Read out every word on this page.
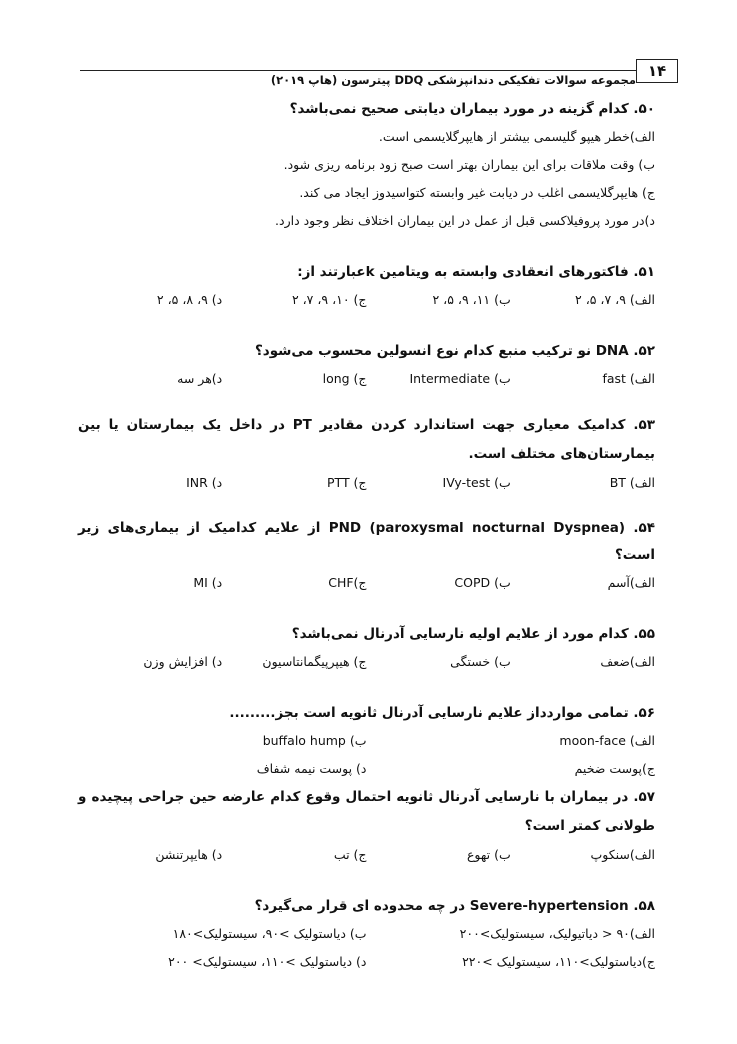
۱۴
مجموعه سوالات تفکیکی دندانپزشکی DDQ پیترسون (هاپ ۲۰۱۹)
۵۰. کدام گزینه در مورد بیماران دیابتی صحیح نمی‌باشد؟
الف)خطر هیپو گلیسمی بیشتر از هایپرگلایسمی است.
ب) وقت ملاقات برای این بیماران بهتر است صبح زود برنامه ریزی شود.
ج) هایپرگلایسمی اغلب در دیابت غیر وابسته کتواسیدوز ایجاد می کند.
د)در مورد پروفیلاکسی قبل از عمل در این بیماران اختلاف نظر وجود دارد.
۵۱. فاکتورهای انعقادی وابسته به ویتامین kعبارتند از:
الف) ۹، ۷، ۵، ۲
ب) ۱۱، ۹، ۵، ۲
ج) ۱۰، ۹، ۷، ۲
د) ۹، ۸، ۵، ۲
۵۲. DNA نو ترکیب منبع کدام نوع انسولین محسوب می‌شود؟
الف) fast
ب) Intermediate
ج) long
د)هر سه
۵۳. کدامیک معیاری جهت استاندارد کردن مقادیر PT در داخل یک بیمارستان یا بین بیمارستان‌های مختلف است.
الف) BT
ب) IVy-test
ج) PTT
د) INR
۵۴. PND (paroxysmal nocturnal Dyspnea) از علایم کدامیک از بیماری‌های زیر است؟
الف)آسم
ب) COPD
ج)CHF
د) MI
۵۵. کدام مورد از علایم اولیه نارسایی آدرنال نمی‌باشد؟
الف)ضعف
ب) خستگی
ج) هیپرپیگمانتاسیون
د) افزایش وزن
۵۶. تمامی مواردداز علایم نارسایی آدرنال ثانویه است بجز.........
الف) moon-face
ب) buffalo hump
ج)پوست ضخیم
د) پوست نیمه شفاف
۵۷. در بیماران با نارسایی آدرنال ثانویه احتمال وقوع کدام عارضه حین جراحی پیچیده و طولانی کمتر است؟
الف)سنکوپ
ب) تهوع
ج) تب
د) هایپرتنشن
۵۸. Severe-hypertension در چه محدوده ای قرار می‌گیرد؟
الف)۹۰ < دیاتیولیک، سیستولیک>۲۰۰
ب) دیاستولیک >۹۰، سیستولیک>۱۸۰
ج)دیاستولیک>۱۱۰، سیستولیک >۲۲۰
د) دیاستولیک >۱۱۰، سیستولیک> ۲۰۰
